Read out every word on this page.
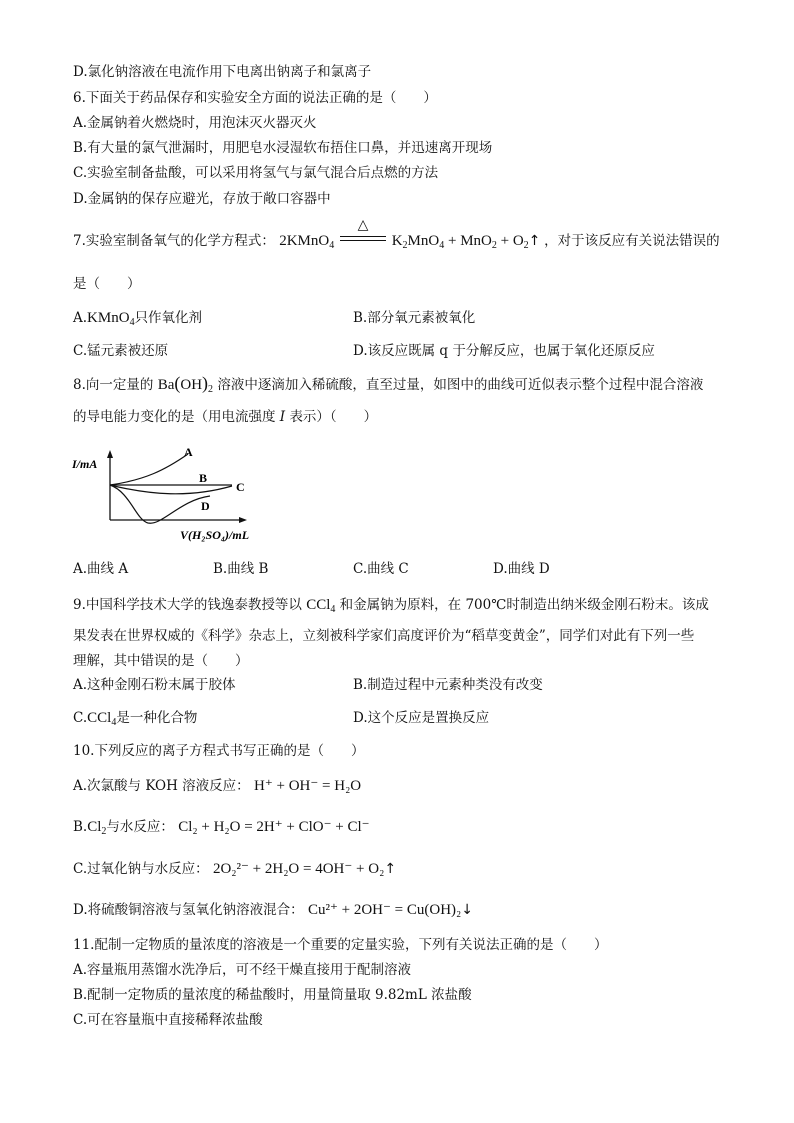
D.氯化钠溶液在电流作用下电离出钠离子和氯离子
6.下面关于药品保存和实验安全方面的说法正确的是（　　）
A.金属钠着火燃烧时，用泡沫灭火器灭火
B.有大量的氯气泄漏时，用肥皂水浸湿软布捂住口鼻，并迅速离开现场
C.实验室制备盐酸，可以采用将氢气与氯气混合后点燃的方法
D.金属钠的保存应避光，存放于敞口容器中
7.实验室制备氧气的化学方程式： 2KMnO$_4$
△
$K_2MnO_4 + MnO_2$ + $O_2↑$ ，对于该反应有关说法错误的
是（　　）
A.KMnO$_4$只作氧化剂	B.部分氧元素被氧化
C.锰元素被还原	D.该反应既属 q 于分解反应，也属于氧化还原反应
8.向一定量的 $Ba(OH)_2$ 溶液中逐滴加入稀硫酸，直至过量，如图中的曲线可近似表示整个过程中混合溶液
的导电能力变化的是（用电流强度 I 表示）（　　）
I/mA
A
B
C
D
V(H₂SO₄)/mL
A.曲线 A	B.曲线 B	C.曲线 C	D.曲线 D
9.中国科学技术大学的钱逸泰教授等以 CCl$_4$ 和金属钠为原料，在 700℃时制造出纳米级金刚石粉末。该成
果发表在世界权威的《科学》杂志上，立刻被科学家们高度评价为“稻草变黄金”，同学们对此有下列一些
理解，其中错误的是（　　）
A.这种金刚石粉末属于胶体	B.制造过程中元素种类没有改变
C.CCl$_4$是一种化合物	D.这个反应是置换反应
10.下列反应的离子方程式书写正确的是（　　）
A.次氯酸与 KOH 溶液反应： H⁺ + OH⁻ = H₂O
$B.Cl_2$与水反应： Cl₂ + H₂O = 2H⁺ + ClO⁻ + Cl⁻
C.过氧化钠与水反应： 2O₂²⁻ + 2H₂O = 4OH⁻ + O₂↑
D.将硫酸铜溶液与氢氧化钠溶液混合： Cu²⁺ + 2OH⁻ = Cu(OH)₂↓
11.配制一定物质的量浓度的溶液是一个重要的定量实验，下列有关说法正确的是（　　）
A.容量瓶用蒸馏水洗净后，可不经干燥直接用于配制溶液
B.配制一定物质的量浓度的稀盐酸时，用量筒量取 9.82mL 浓盐酸
C.可在容量瓶中直接稀释浓盐酸
